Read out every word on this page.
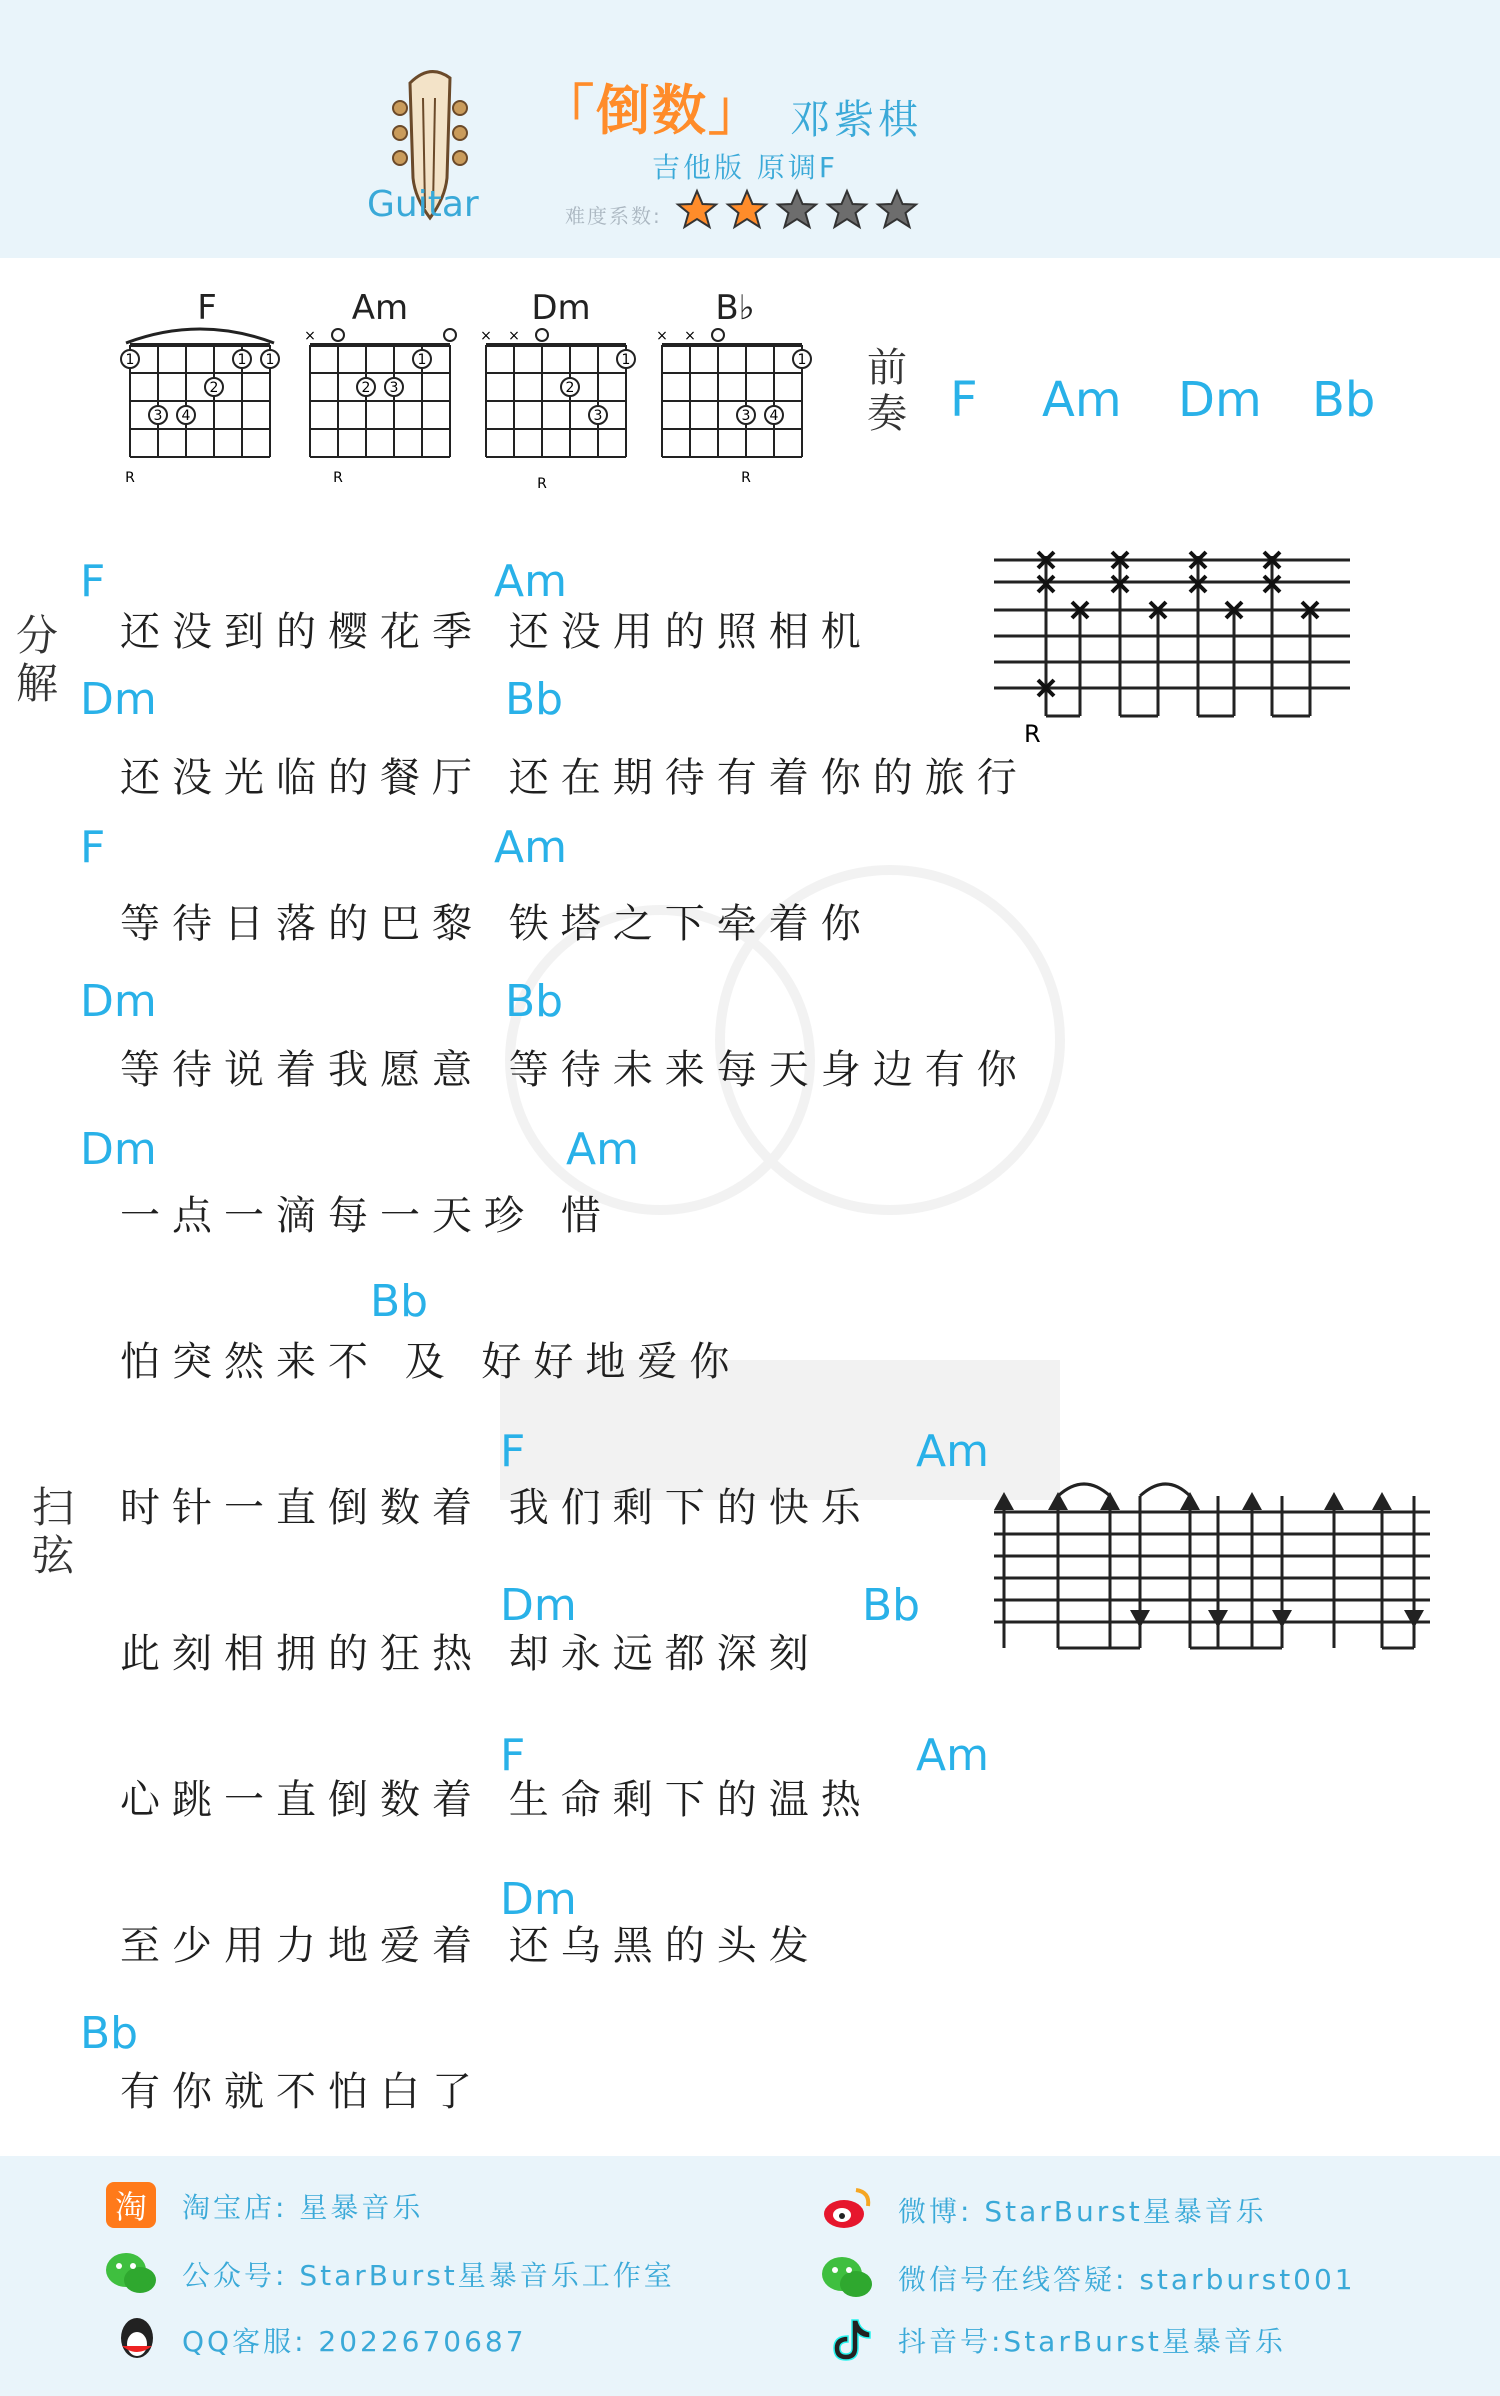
Guitar
「倒数」 邓紫棋
吉他版 原调F
难度系数:
1	1 1
2
3 4
R
×
1
2 3
R
× ×
1
2
3
R
× ×
1
3 4
R
F	Am	Dm	B♭
前奏 F Am Dm Bb
分解
扫弦
F	Am
Dm	Bb
F	Am
Dm	Bb
Dm	Am
Bb
F	Am
Dm	Bb
F	Am
Dm
Bb
还没到的樱花季 还没用的照相机
还没光临的餐厅 还在期待有着你的旅行
等待日落的巴黎 铁塔之下牵着你
等待说着我愿意 等待未来每天身边有你
一点一滴每一天珍 惜
怕突然来不 及 好好地爱你
时针一直倒数着 我们剩下的快乐
此刻相拥的狂热 却永远都深刻
心跳一直倒数着 生命剩下的温热
至少用力地爱着 还乌黑的头发
有你就不怕白了
R
淘 淘宝店: 星暴音乐
公众号: StarBurst星暴音乐工作室
QQ客服: 2022670687
微博: StarBurst星暴音乐
微信号在线答疑: starburst001
抖音号:StarBurst星暴音乐
